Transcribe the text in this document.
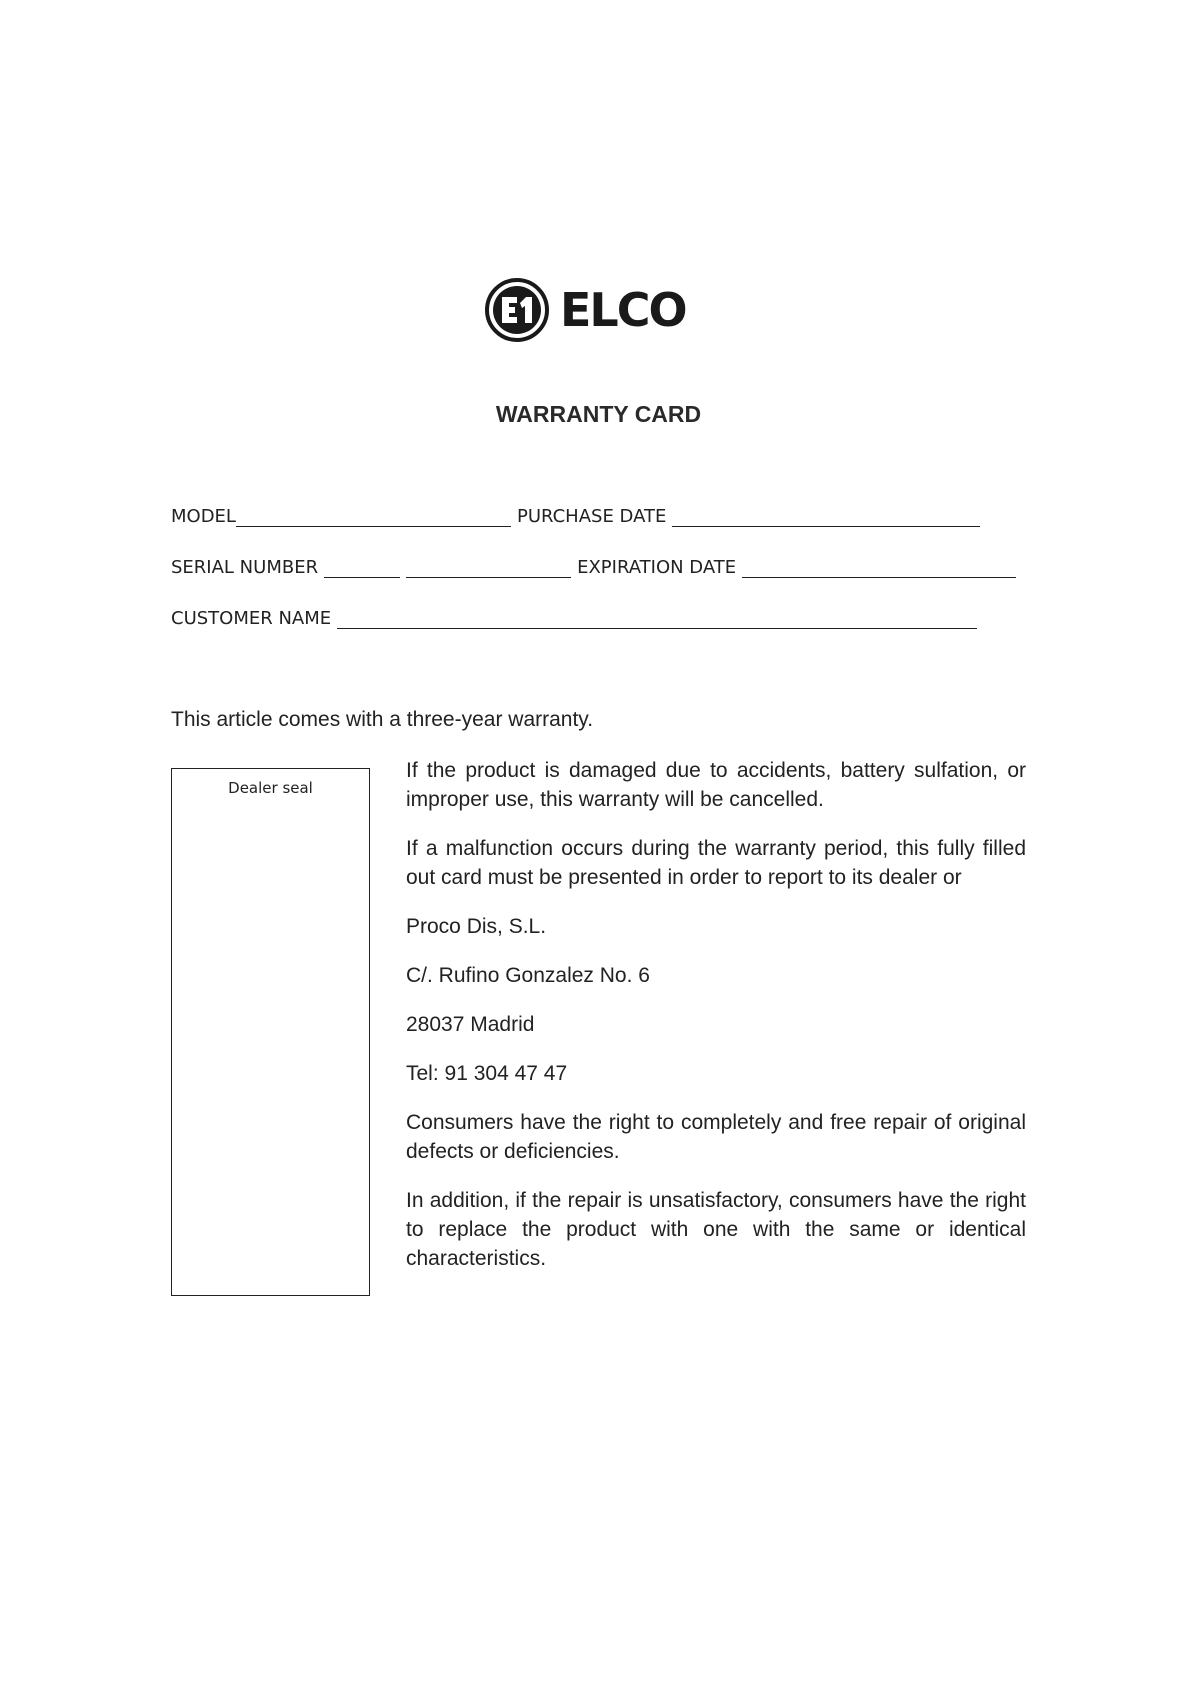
ELCO
WARRANTY CARD
MODEL	PURCHASE DATE
SERIAL NUMBER	EXPIRATION DATE
CUSTOMER NAME
This article comes with a three-year warranty.
Dealer seal

If the product is damaged due to accidents, battery sulfation, or improper use, this warranty will be cancelled.

If a malfunction occurs during the warranty period, this fully filled out card must be presented in order to report to its dealer or

Proco Dis, S.L.

C/. Rufino Gonzalez No. 6

28037 Madrid

Tel: 91 304 47 47

Consumers have the right to completely and free repair of original defects or deficiencies.

In addition, if the repair is unsatisfactory, consumers have the right to replace the product with one with the same or identical characteristics.
